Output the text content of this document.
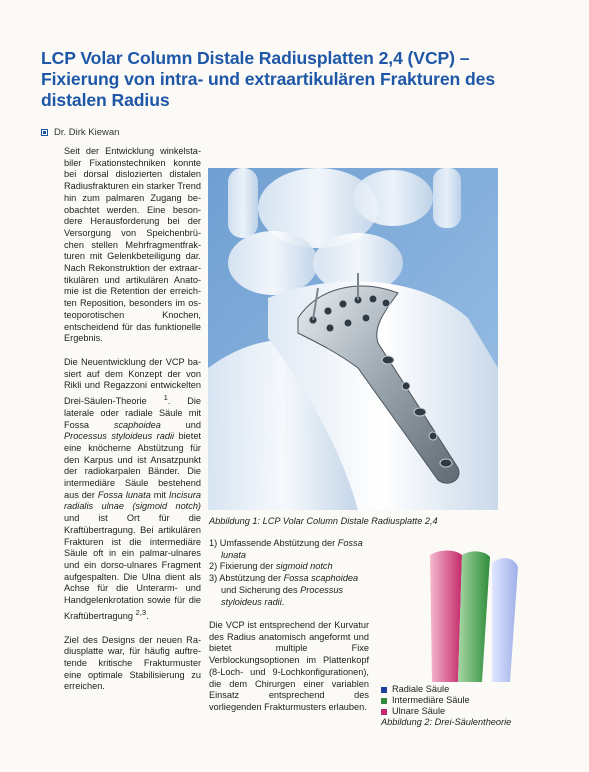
LCP Volar Column Distale Radiusplatten 2,4 (VCP) –
Fixierung von intra- und extraartikulären Frakturen des
distalen Radius
Dr. Dirk Kiewan

Seit der Entwicklung winkelstabiler Fixationstechniken konnte bei dorsal dislozierten distalen Radiusfrakturen ein starker Trend hin zum palmaren Zugang beobachtet werden. Eine besondere Herausforderung bei der Versorgung von Speichenbrüchen stellen Mehrfragmentfrakturen mit Gelenkbeteiligung dar. Nach Rekonstruktion der extraartikulären und artikulären Anatomie ist die Retention der erreichten Reposition, besonders im osteoporotischen Knochen, entscheidend für das funktionelle Ergebnis.

Die Neuentwicklung der VCP basiert auf dem Konzept der von Rikli und Regazzoni entwickelten Drei-Säulen-Theorie $^1$. Die laterale oder radiale Säule mit Fossa scaphoidea und Processus styloideus radii bietet eine knöcherne Abstützung für den Karpus und ist Ansatzpunkt der radiokarpalen Bänder. Die intermediäre Säule bestehend aus der Fossa lunata mit Incisura radialis ulnae (sigmoid notch) und ist Ort für die Kraftübertragung. Bei artikulären Frakturen ist die intermediäre Säule oft in ein palmar-ulnares und ein dorso-ulnares Fragment aufgespalten. Die Ulna dient als Achse für die Unterarm- und Handgelenkrotation sowie für die Kraftübertragung $^{2,3}$.

Ziel des Designs der neuen Radiusplatte war, für häufig auftretende kritische Frakturmuster eine optimale Stabilisierung zu erreichen.

Abbildung 1: LCP Volar Column Distale Radiusplatte 2,4
1) Umfassende Abstützung der Fossa lunata
2) Fixierung der sigmoid notch
3) Abstützung der Fossa scaphoidea und Sicherung des Processus styloideus radii.

Die VCP ist entsprechend der Kurvatur des Radius anatomisch angeformt und bietet multiple Fixe Verblockungsoptionen im Plattenkopf (8-Loch- und 9-Lochkonfigurationen), die dem Chirurgen einer variablen Einsatz entsprechend des vorliegenden Frakturmusters erlauben.

Radiale Säule
Intermediäre Säule
Ulnare Säule
Abbildung 2: Drei-Säulentheorie
